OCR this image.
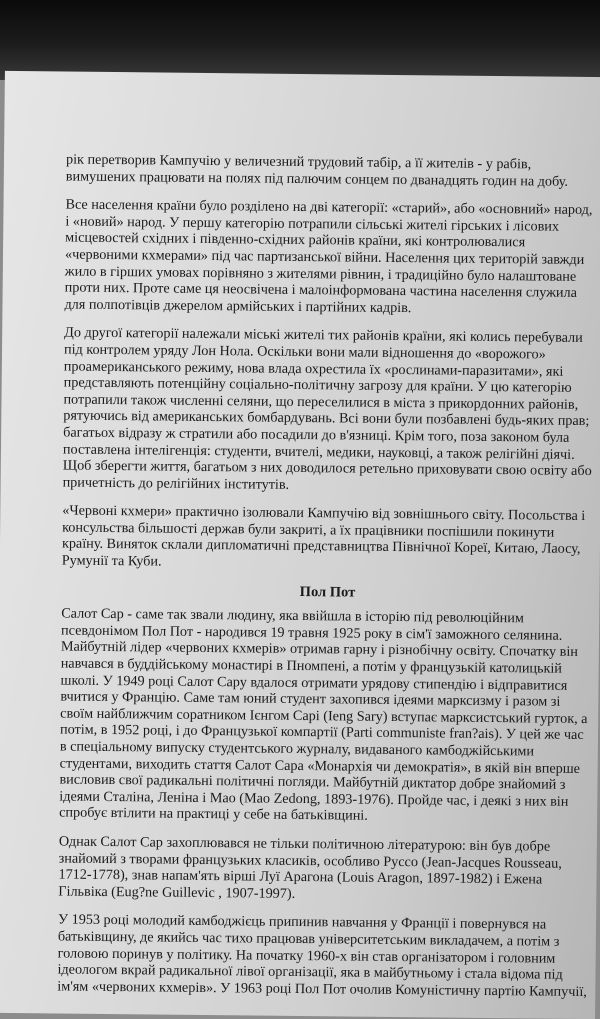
рік перетворив Кампучію у величезний трудовий табір, а її жителів - у рабів, вимушених працювати на полях під палючим сонцем по дванадцять годин на добу.

Все населення країни було розділено на дві категорії: «старий», або «основний» народ, і «новий» народ. У першу категорію потрапили сільські жителі гірських і лісових місцевостей східних і південно-східних районів країни, які контролювалися «червоними кхмерами» під час партизанської війни. Населення цих територій завжди жило в гірших умовах порівняно з жителями рівнин, і традиційно було налаштоване проти них. Проте саме ця неосвічена і малоінформована частина населення служила для полпотівців джерелом армійських і партійних кадрів.

До другої категорії належали міські жителі тих районів країни, які колись перебували під контролем уряду Лон Нола. Оскільки вони мали відношення до «ворожого» проамериканського режиму, нова влада охрестила їх «рослинами-паразитами», які представляють потенційну соціально-політичну загрозу для країни. У цю категорію потрапили також численні селяни, що переселилися в міста з прикордонних районів, рятуючись від американських бомбардувань. Всі вони були позбавлені будь-яких прав; багатьох відразу ж стратили або посадили до в'язниці. Крім того, поза законом була поставлена інтелігенція: студенти, вчителі, медики, науковці, а також релігійні діячі. Щоб зберегти життя, багатьом з них доводилося ретельно приховувати свою освіту або причетність до релігійних інститутів.

«Червоні кхмери» практично ізолювали Кампучію від зовнішнього світу. Посольства і консульства більшості держав були закриті, а їх працівники поспішили покинути країну. Виняток склали дипломатичні представництва Північної Кореї, Китаю, Лаосу, Румунії та Куби.

Пол Пот

Салот Сар - саме так звали людину, яка ввійшла в історію під революційним псевдонімом Пол Пот - народився 19 травня 1925 року в сім'ї заможного селянина. Майбутній лідер «червоних кхмерів» отримав гарну і різнобічну освіту. Спочатку він навчався в буддійському монастирі в Пномпені, а потім у французькій католицькій школі. У 1949 році Салот Сару вдалося отримати урядову стипендію і відправитися вчитися у Францію. Саме там юний студент захопився ідеями марксизму і разом зі своїм найближчим соратником Ієнгом Сарі (Ieng Sary) вступає марксистський гурток, а потім, в 1952 році, і до Французької компартії (Parti communiste fran?ais). У цей же час в спеціальному випуску студентського журналу, видаваного камбоджійськими студентами, виходить стаття Салот Сара «Монархія чи демократія», в якій він вперше висловив свої радикальні політичні погляди. Майбутній диктатор добре знайомий з ідеями Сталіна, Леніна і Мао (Mao Zedong, 1893-1976). Пройде час, і деякі з них він спробує втілити на практиці у себе на батьківщині.

Однак Салот Сар захоплювався не тільки політичною літературою: він був добре знайомий з творами французьких класиків, особливо Руссо (Jean-Jacques Rousseau, 1712-1778), знав напам'ять вірші Луї Арагона (Louis Aragon, 1897-1982) і Ежена Гільвіка (Eug?ne Guillevic , 1907-1997).

У 1953 році молодий камбоджієць припинив навчання у Франції і повернувся на батьківщину, де якийсь час тихо працював університетським викладачем, а потім з головою поринув у політику. На початку 1960-х він став організатором і головним ідеологом вкрай радикальної лівої організації, яка в майбутньому і стала відома під ім'ям «червоних кхмерів». У 1963 році Пол Пот очолив Комуністичну партію Кампучії,
